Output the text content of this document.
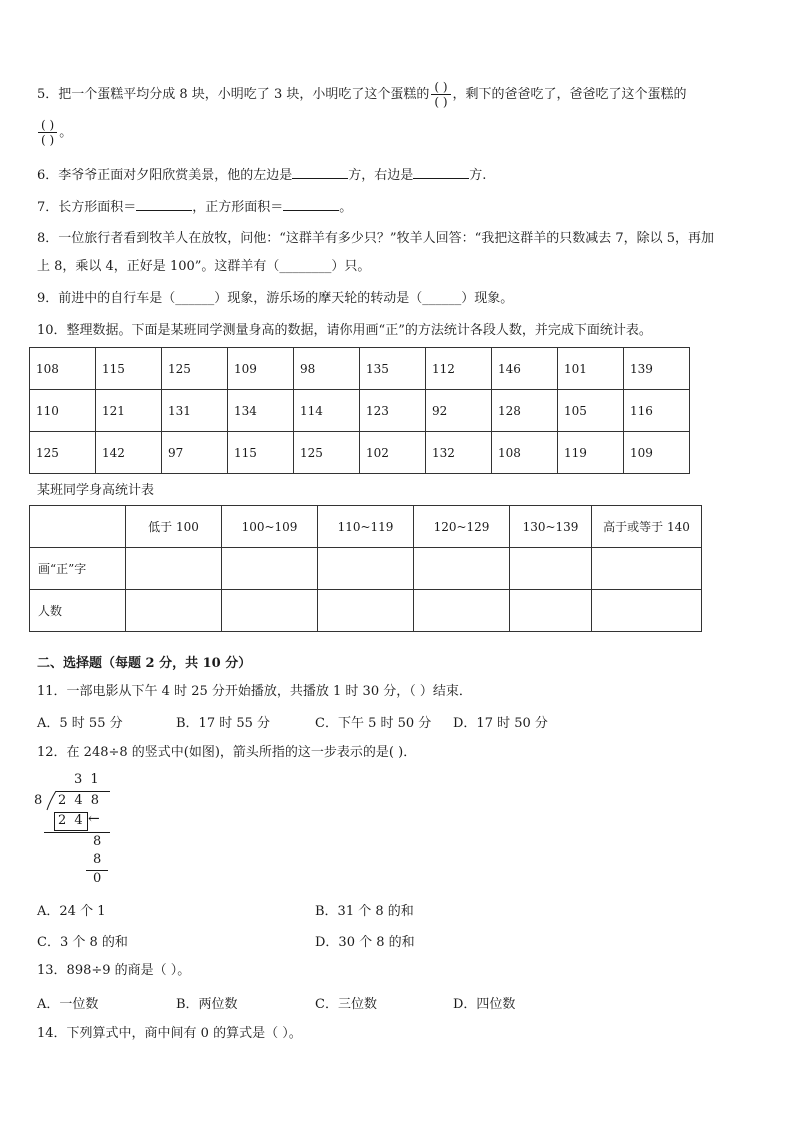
5．把一个蛋糕平均分成 8 块，小明吃了 3 块，小明吃了这个蛋糕的 $\frac{( )}{( )}$ ，剩下的爸爸吃了，爸爸吃了这个蛋糕的
$\frac{( )}{( )}$ 。
6．李爷爷正面对夕阳欣赏美景，他的左边是	方，右边是	方.
7．长方形面积＝	，正方形面积＝	。
8．一位旅行者看到牧羊人在放牧，问他：“这群羊有多少只？”牧羊人回答：“我把这群羊的只数减去 7，除以 5，再加
上 8，乘以 4，正好是 100”。这群羊有（________）只。
9．前进中的自行车是（______）现象，游乐场的摩天轮的转动是（______）现象。
10．整理数据。下面是某班同学测量身高的数据，请你用画“正”的方法统计各段人数，并完成下面统计表。
108	115	125	109	98	135	112	146	101	139
110	121	131	134	114	123	92	128	105	116
125	142	97	115	125	102	132	108	119	109
某班同学身高统计表
	低于 100	100~109	110~119	120~129	130~139	高于或等于 140
画“正”字						
人数						
二、选择题（每题 2 分，共 10 分）
11．一部电影从下午 4 时 25 分开始播放，共播放 1 时 30 分，（ ）结束．
A．5 时 55 分	B．17 时 55 分	C．下午 5 时 50 分 D．17 时 50 分
12．在 248÷8 的竖式中(如图)，箭头所指的这一步表示的是( )．
3 1
8 2 4 8
2 4 ←
8
8
0
A．24 个 1	B．31 个 8 的和
C．3 个 8 的和	D．30 个 8 的和
13．898÷9 的商是（ ）。
A．一位数	B．两位数	C．三位数	D．四位数
14．下列算式中，商中间有 0 的算式是（ ）。
